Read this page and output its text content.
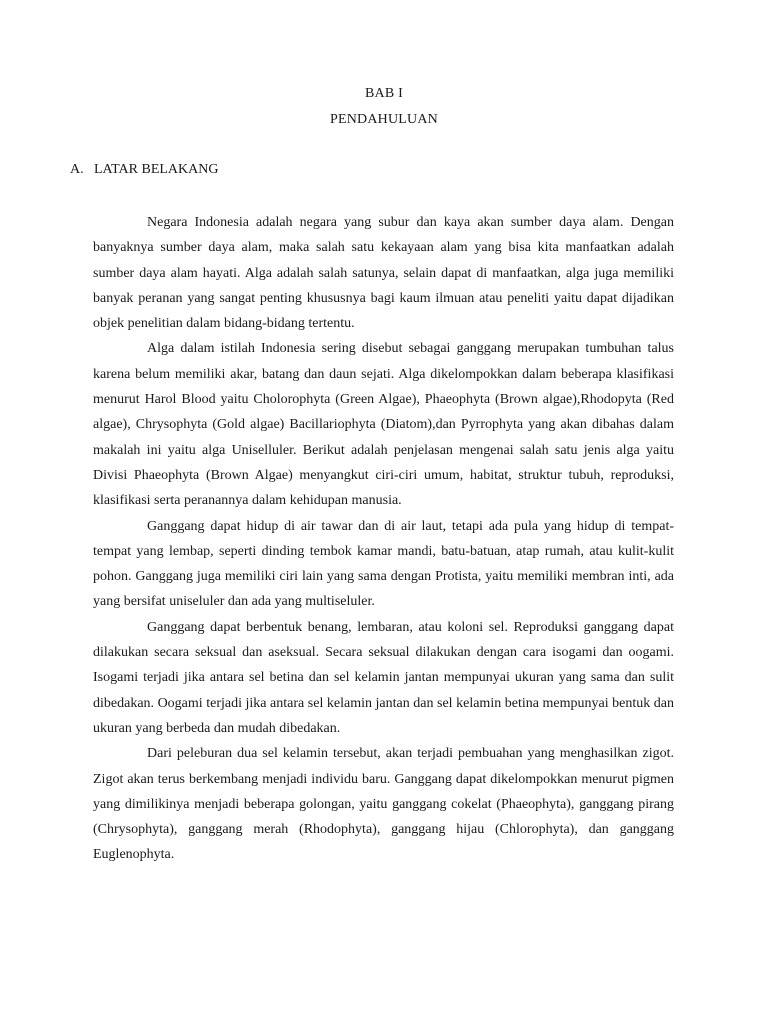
BAB I
PENDAHULUAN
A. LATAR BELAKANG

Negara Indonesia adalah negara yang subur dan kaya akan sumber daya alam. Dengan banyaknya sumber daya alam, maka salah satu kekayaan alam yang bisa kita manfaatkan adalah sumber daya alam hayati. Alga adalah salah satunya, selain dapat di manfaatkan, alga juga memiliki banyak peranan yang sangat penting khususnya bagi kaum ilmuan atau peneliti yaitu dapat dijadikan objek penelitian dalam bidang-bidang tertentu.

Alga dalam istilah Indonesia sering disebut sebagai ganggang merupakan tumbuhan talus karena belum memiliki akar, batang dan daun sejati. Alga dikelompokkan dalam beberapa klasifikasi menurut Harol Blood yaitu Cholorophyta (Green Algae), Phaeophyta (Brown algae),Rhodopyta (Red algae), Chrysophyta (Gold algae) Bacillariophyta (Diatom),dan Pyrrophyta yang akan dibahas dalam makalah ini yaitu alga Uniselluler. Berikut adalah penjelasan mengenai salah satu jenis alga yaitu Divisi Phaeophyta (Brown Algae) menyangkut ciri-ciri umum, habitat, struktur tubuh, reproduksi, klasifikasi serta peranannya dalam kehidupan manusia.

Ganggang dapat hidup di air tawar dan di air laut, tetapi ada pula yang hidup di tempat-tempat yang lembap, seperti dinding tembok kamar mandi, batu-batuan, atap rumah, atau kulit-kulit pohon. Ganggang juga memiliki ciri lain yang sama dengan Protista, yaitu memiliki membran inti, ada yang bersifat uniseluler dan ada yang multiseluler.

Ganggang dapat berbentuk benang, lembaran, atau koloni sel. Reproduksi ganggang dapat dilakukan secara seksual dan aseksual. Secara seksual dilakukan dengan cara isogami dan oogami. Isogami terjadi jika antara sel betina dan sel kelamin jantan mempunyai ukuran yang sama dan sulit dibedakan. Oogami terjadi jika antara sel kelamin jantan dan sel kelamin betina mempunyai bentuk dan ukuran yang berbeda dan mudah dibedakan.

Dari peleburan dua sel kelamin tersebut, akan terjadi pembuahan yang menghasilkan zigot. Zigot akan terus berkembang menjadi individu baru. Ganggang dapat dikelompokkan menurut pigmen yang dimilikinya menjadi beberapa golongan, yaitu ganggang cokelat (Phaeophyta), ganggang pirang (Chrysophyta), ganggang merah (Rhodophyta), ganggang hijau (Chlorophyta), dan ganggang Euglenophyta.
